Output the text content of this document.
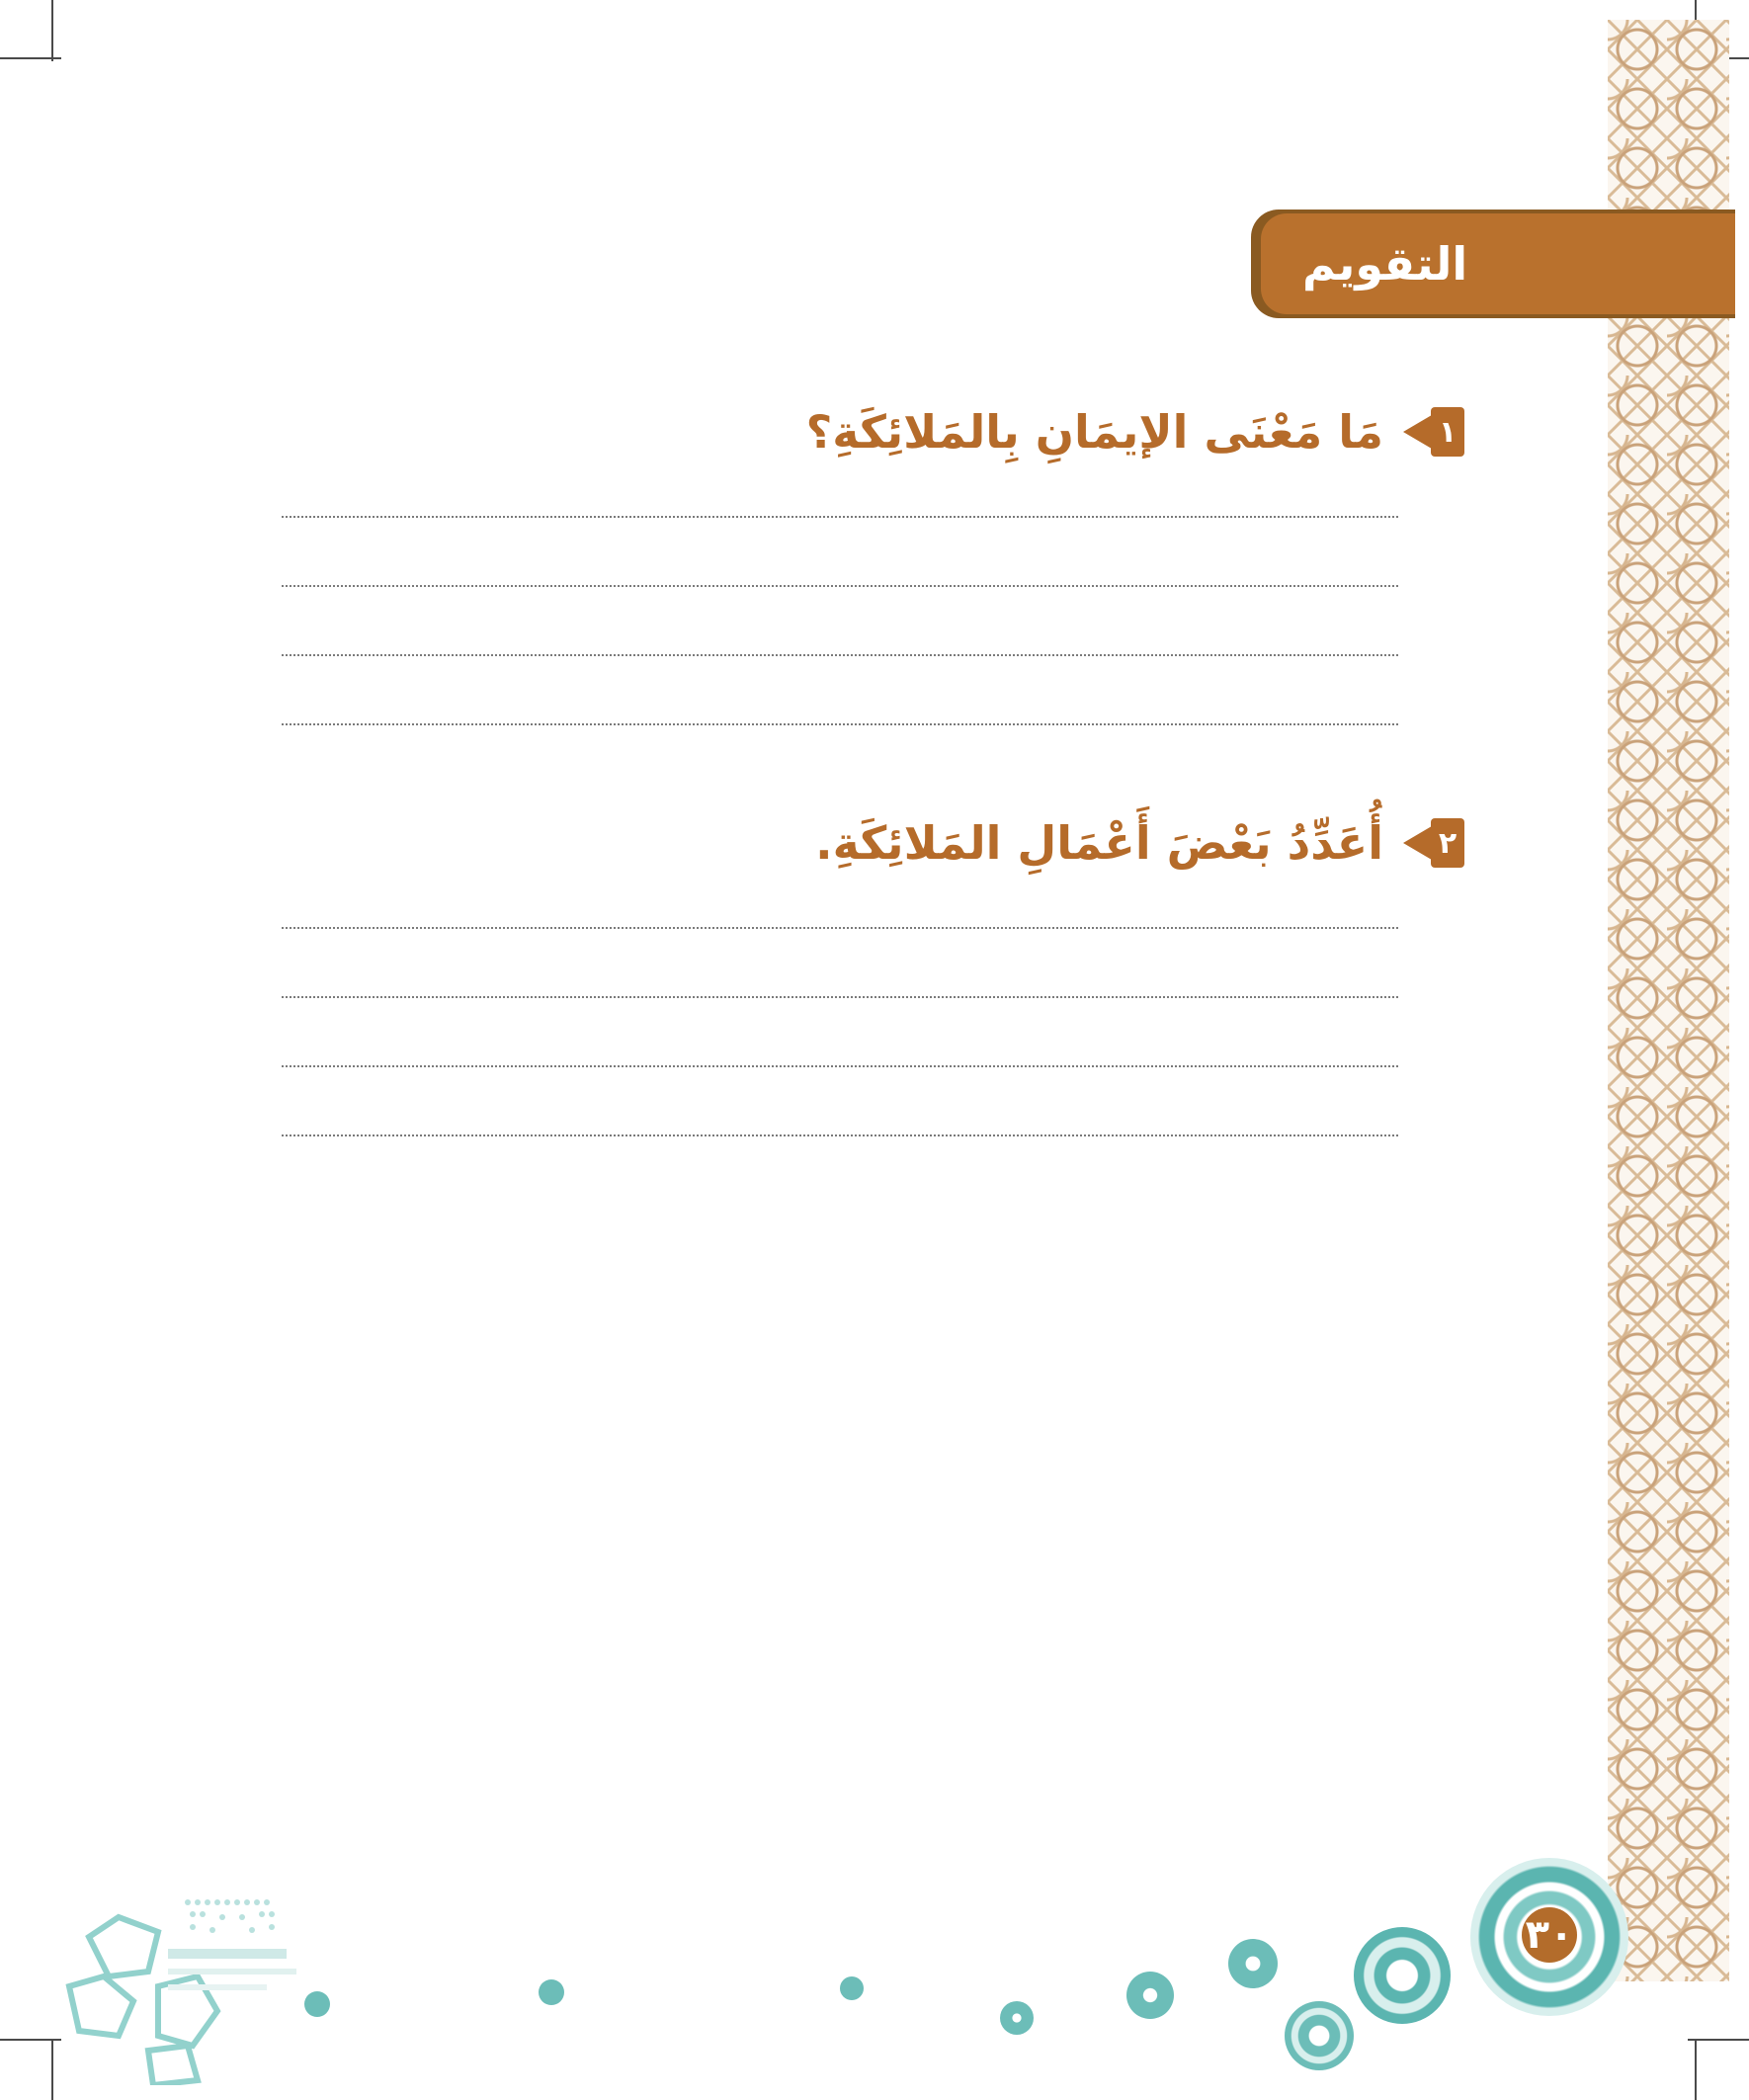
التقويم
١
مَا مَعْنَى الإيمَانِ بِالمَلائِكَةِ؟
٢
أُعَدِّدُ بَعْضَ أَعْمَالِ المَلائِكَةِ.
٣٠
